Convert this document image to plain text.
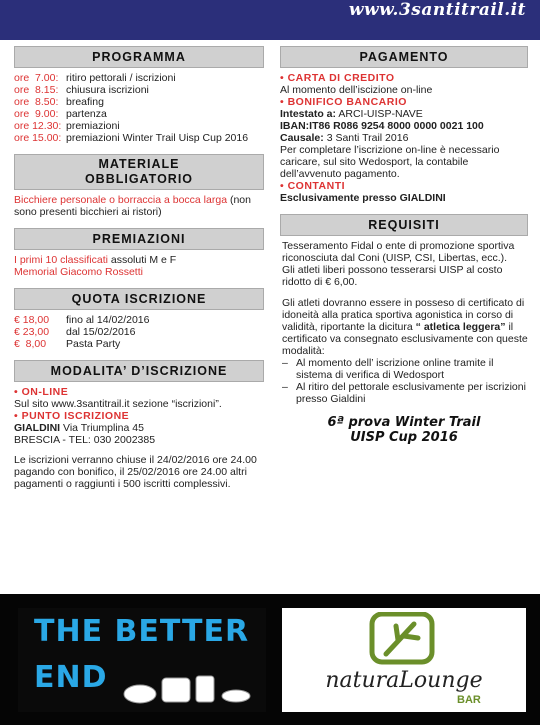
www.3santitrail.it
PROGRAMMA
ore  7.00: ritiro pettorali / iscrizioni
ore  8.15: chiusura iscrizioni
ore  8.50: breafing
ore  9.00: partenza
ore 12.30: premiazioni
ore 15.00: premiazioni Winter Trail Uisp Cup 2016
MATERIALE
OBBLIGATORIO
Bicchiere personale o borraccia a bocca larga (non sono presenti bicchieri ai ristori)
PREMIAZIONI
I primi 10 classificati assoluti M e F
Memorial Giacomo Rossetti
QUOTA ISCRIZIONE
€ 18,00	fino al 14/02/2016
€ 23,00	dal 15/02/2016
€  8,00	Pasta Party
MODALITA’ D’ISCRIZIONE
• ON-LINE
Sul sito www.3santitrail.it sezione “iscrizioni”.
• PUNTO ISCRIZIONE
GIALDINI Via Triumplina 45
BRESCIA - TEL: 030 2002385
Le iscrizioni verranno chiuse il 24/02/2016 ore 24.00 pagando con bonifico, il 25/02/2016 ore 24.00 altri pagamenti o raggiunti i 500 iscritti complessivi.
PAGAMENTO
• CARTA DI CREDITO
Al momento dell’iscizione on-line
• BONIFICO BANCARIO
Intestato a: ARCI-UISP-NAVE
IBAN:IT86 R086 9254 8000 0000 0021 100
Causale: 3 Santi Trail 2016
Per completare l’iscrizione on-line è necessario caricare, sul sito Wedosport, la contabile dell’avvenuto pagamento.
• CONTANTI
Esclusivamente presso GIALDINI
REQUISITI
Tesseramento Fidal o ente di promozione sportiva riconosciuta dal Coni (UISP, CSI, Libertas, ecc.).
Gli atleti liberi possono tesserarsi UISP al costo ridotto di € 6,00.
Gli atleti dovranno essere in posseso di certificato di idoneità alla pratica sportiva agonistica in corso di validità, riportante la dicitura “ atletica leggera” il certificato va consegnato esclusivamente con queste modalità:
– Al momento dell’ iscrizione online tramite il sistema di verifica di Wedosport
– Al ritiro del pettorale esclusivamente per iscrizioni presso Gialdini
6ª prova Winter Trail
UISP Cup 2016
THE BETTER
END	naturaLounge
BAR
